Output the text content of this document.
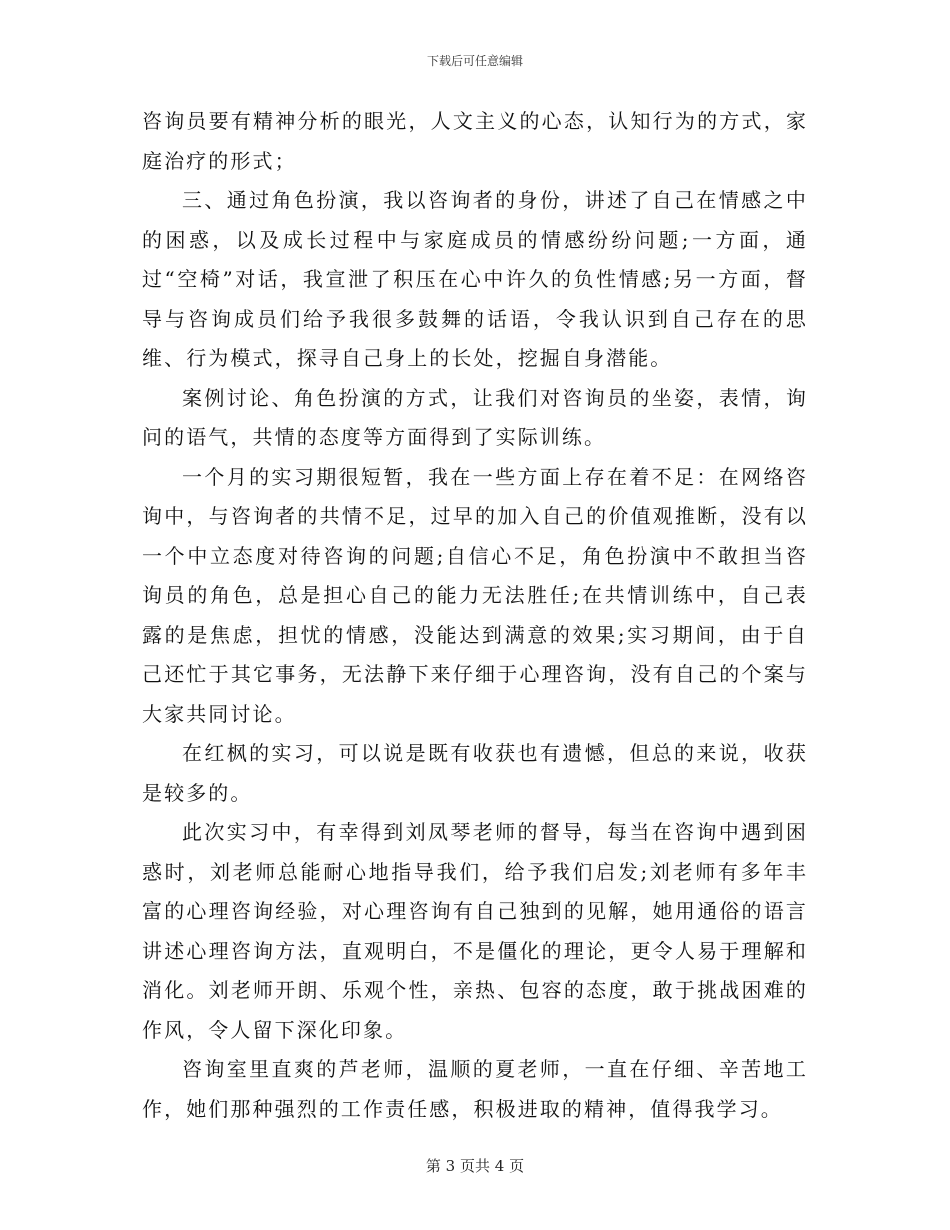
下载后可任意编辑

咨询员要有精神分析的眼光，人文主义的心态，认知行为的方式，家庭治疗的形式；

三、通过角色扮演，我以咨询者的身份，讲述了自己在情感之中的困惑，以及成长过程中与家庭成员的情感纷纷问题;一方面，通过“空椅”对话，我宣泄了积压在心中许久的负性情感;另一方面，督导与咨询成员们给予我很多鼓舞的话语，令我认识到自己存在的思维、行为模式，探寻自己身上的长处，挖掘自身潜能。

案例讨论、角色扮演的方式，让我们对咨询员的坐姿，表情，询问的语气，共情的态度等方面得到了实际训练。

一个月的实习期很短暂，我在一些方面上存在着不足：在网络咨询中，与咨询者的共情不足，过早的加入自己的价值观推断，没有以一个中立态度对待咨询的问题;自信心不足，角色扮演中不敢担当咨询员的角色，总是担心自己的能力无法胜任;在共情训练中，自己表露的是焦虑，担忧的情感，没能达到满意的效果;实习期间，由于自己还忙于其它事务，无法静下来仔细于心理咨询，没有自己的个案与大家共同讨论。

在红枫的实习，可以说是既有收获也有遗憾，但总的来说，收获是较多的。

此次实习中，有幸得到刘凤琴老师的督导，每当在咨询中遇到困惑时，刘老师总能耐心地指导我们，给予我们启发;刘老师有多年丰富的心理咨询经验，对心理咨询有自己独到的见解，她用通俗的语言讲述心理咨询方法，直观明白，不是僵化的理论，更令人易于理解和消化。刘老师开朗、乐观个性，亲热、包容的态度，敢于挑战困难的作风，令人留下深化印象。

咨询室里直爽的芦老师，温顺的夏老师，一直在仔细、辛苦地工作，她们那种强烈的工作责任感，积极进取的精神，值得我学习。

第 3 页共 4 页
